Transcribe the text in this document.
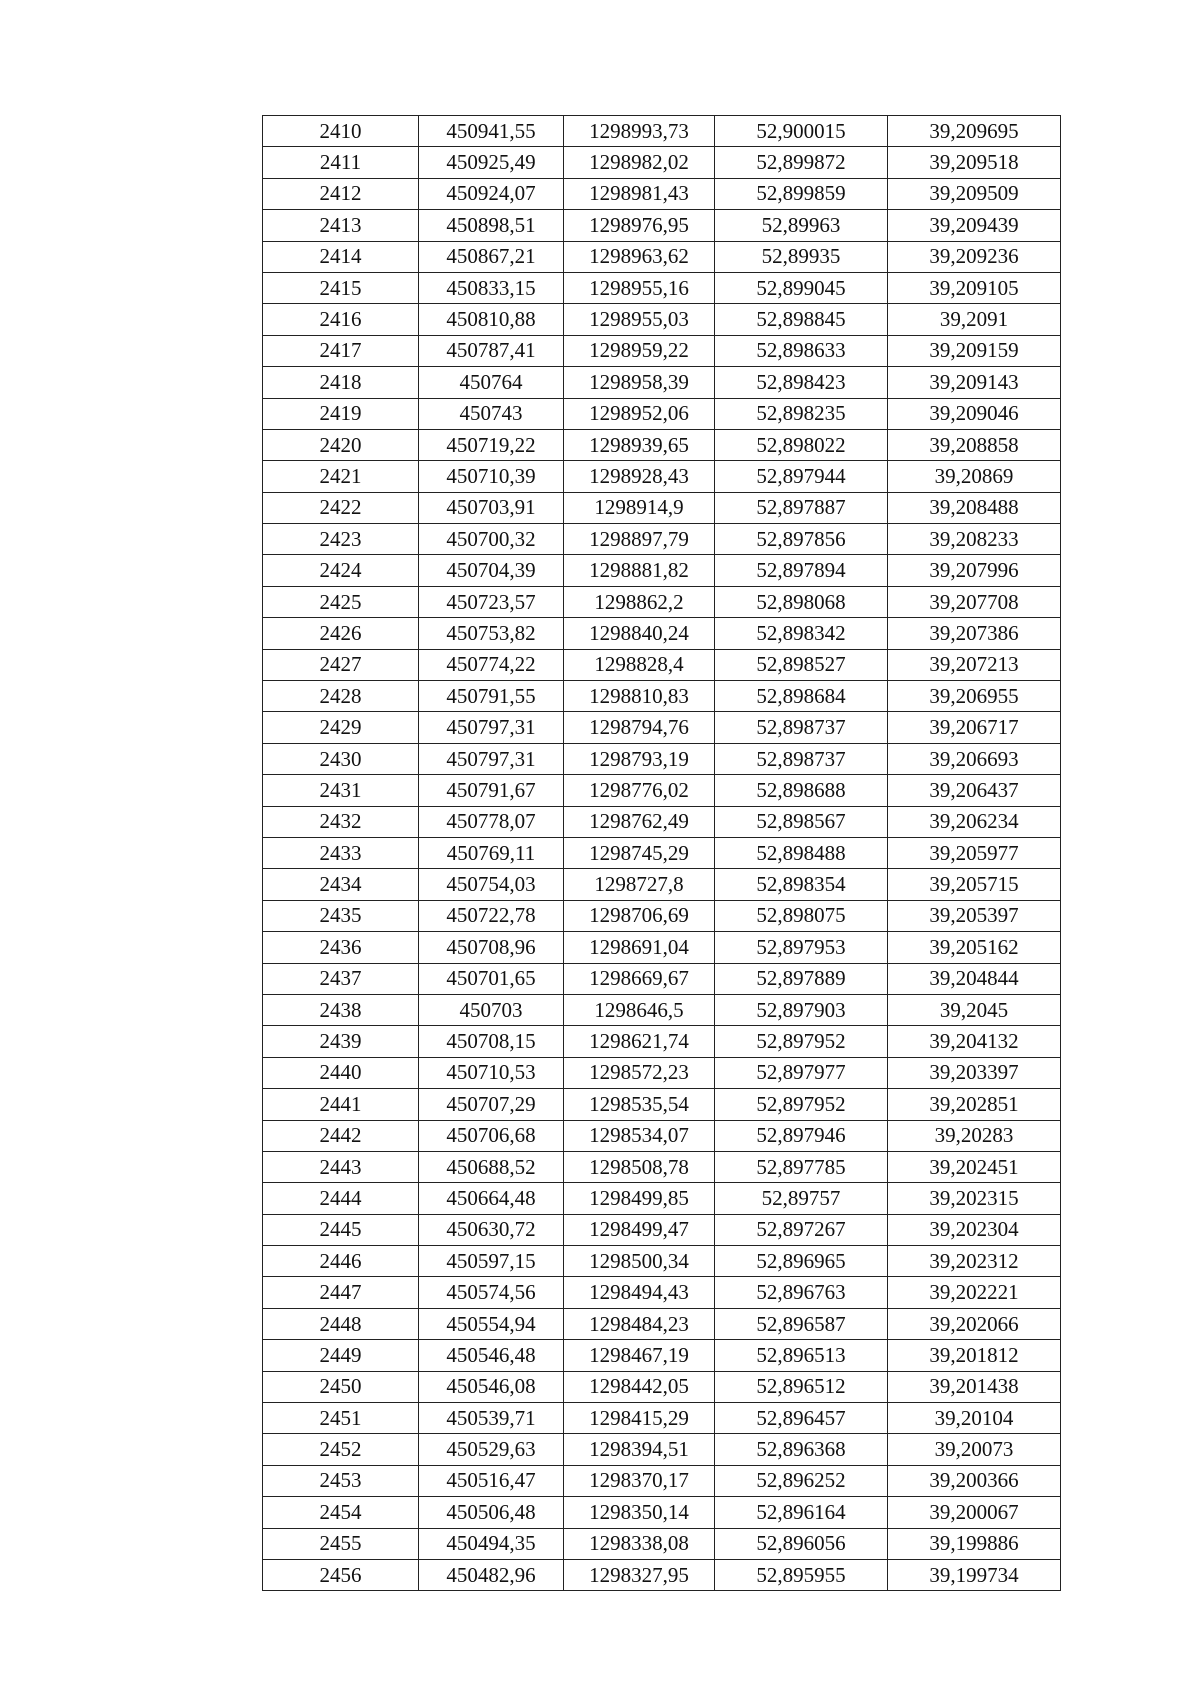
2410	450941,55	1298993,73	52,900015	39,209695
2411	450925,49	1298982,02	52,899872	39,209518
2412	450924,07	1298981,43	52,899859	39,209509
2413	450898,51	1298976,95	52,89963	39,209439
2414	450867,21	1298963,62	52,89935	39,209236
2415	450833,15	1298955,16	52,899045	39,209105
2416	450810,88	1298955,03	52,898845	39,2091
2417	450787,41	1298959,22	52,898633	39,209159
2418	450764	1298958,39	52,898423	39,209143
2419	450743	1298952,06	52,898235	39,209046
2420	450719,22	1298939,65	52,898022	39,208858
2421	450710,39	1298928,43	52,897944	39,20869
2422	450703,91	1298914,9	52,897887	39,208488
2423	450700,32	1298897,79	52,897856	39,208233
2424	450704,39	1298881,82	52,897894	39,207996
2425	450723,57	1298862,2	52,898068	39,207708
2426	450753,82	1298840,24	52,898342	39,207386
2427	450774,22	1298828,4	52,898527	39,207213
2428	450791,55	1298810,83	52,898684	39,206955
2429	450797,31	1298794,76	52,898737	39,206717
2430	450797,31	1298793,19	52,898737	39,206693
2431	450791,67	1298776,02	52,898688	39,206437
2432	450778,07	1298762,49	52,898567	39,206234
2433	450769,11	1298745,29	52,898488	39,205977
2434	450754,03	1298727,8	52,898354	39,205715
2435	450722,78	1298706,69	52,898075	39,205397
2436	450708,96	1298691,04	52,897953	39,205162
2437	450701,65	1298669,67	52,897889	39,204844
2438	450703	1298646,5	52,897903	39,2045
2439	450708,15	1298621,74	52,897952	39,204132
2440	450710,53	1298572,23	52,897977	39,203397
2441	450707,29	1298535,54	52,897952	39,202851
2442	450706,68	1298534,07	52,897946	39,20283
2443	450688,52	1298508,78	52,897785	39,202451
2444	450664,48	1298499,85	52,89757	39,202315
2445	450630,72	1298499,47	52,897267	39,202304
2446	450597,15	1298500,34	52,896965	39,202312
2447	450574,56	1298494,43	52,896763	39,202221
2448	450554,94	1298484,23	52,896587	39,202066
2449	450546,48	1298467,19	52,896513	39,201812
2450	450546,08	1298442,05	52,896512	39,201438
2451	450539,71	1298415,29	52,896457	39,20104
2452	450529,63	1298394,51	52,896368	39,20073
2453	450516,47	1298370,17	52,896252	39,200366
2454	450506,48	1298350,14	52,896164	39,200067
2455	450494,35	1298338,08	52,896056	39,199886
2456	450482,96	1298327,95	52,895955	39,199734
